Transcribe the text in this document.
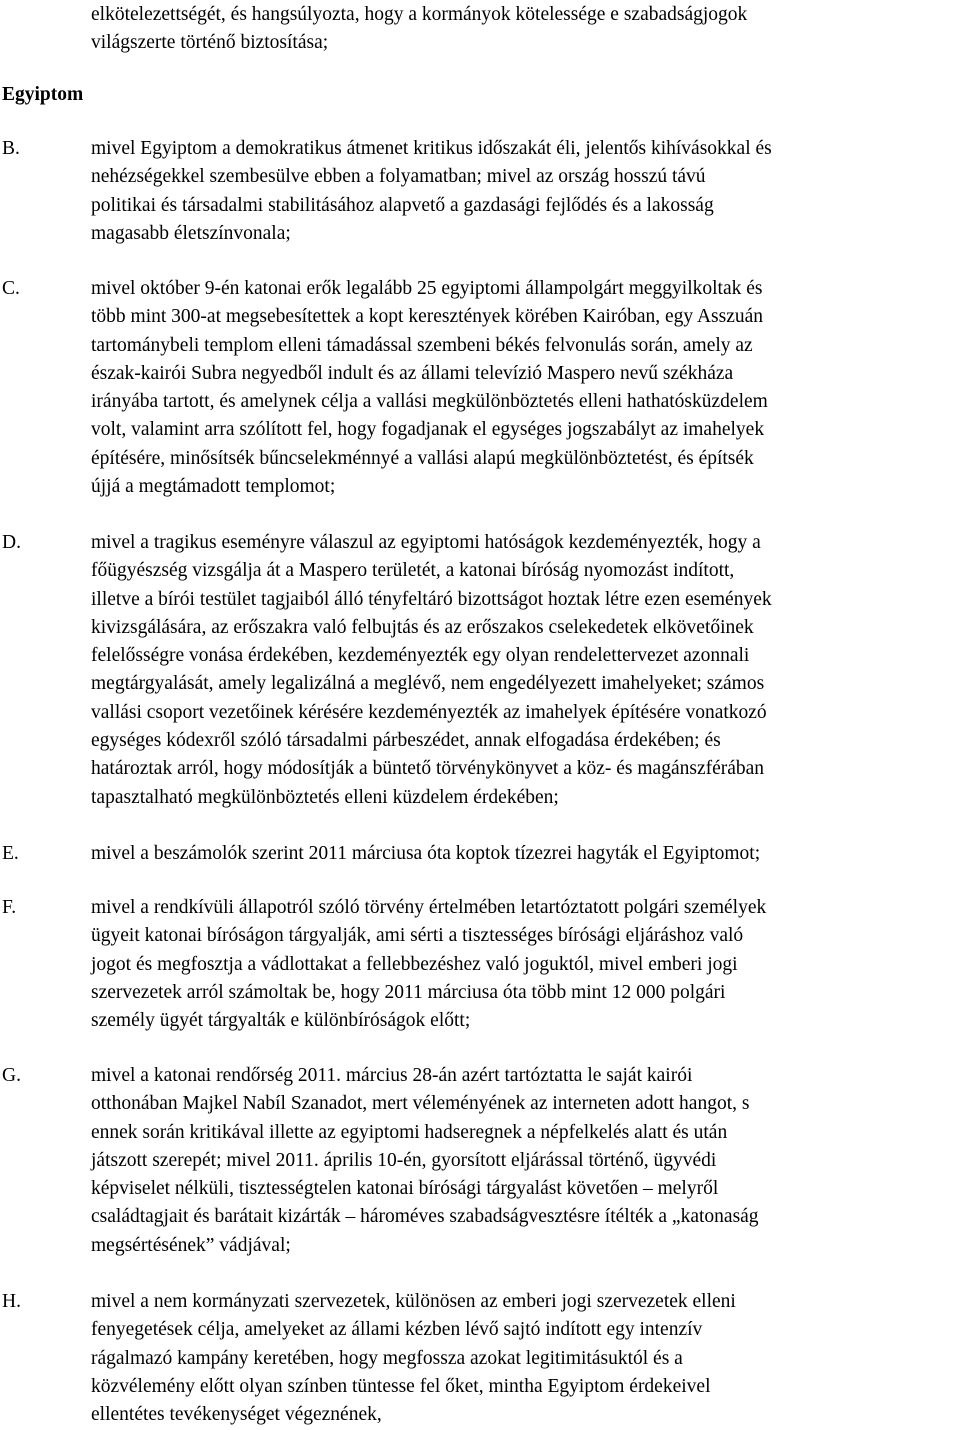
elkötelezettségét, és hangsúlyozta, hogy a kormányok kötelessége e szabadságjogok
világszerte történő biztosítása;
Egyiptom
B.	mivel Egyiptom a demokratikus átmenet kritikus időszakát éli, jelentős kihívásokkal és
nehézségekkel szembesülve ebben a folyamatban; mivel az ország hosszú távú
politikai és társadalmi stabilitásához alapvető a gazdasági fejlődés és a lakosság
magasabb életszínvonala;
C.	mivel október 9-én katonai erők legalább 25 egyiptomi állampolgárt meggyilkoltak és
több mint 300-at megsebesítettek a kopt keresztények körében Kairóban, egy Asszuán
tartománybeli templom elleni támadással szembeni békés felvonulás során, amely az
észak-kairói Subra negyedből indult és az állami televízió Maspero nevű székháza
irányába tartott, és amelynek célja a vallási megkülönböztetés elleni hathatósküzdelem
volt, valamint arra szólított fel, hogy fogadjanak el egységes jogszabályt az imahelyek
építésére, minősítsék bűncselekménnyé a vallási alapú megkülönböztetést, és építsék
újjá a megtámadott templomot;
D.	mivel a tragikus eseményre válaszul az egyiptomi hatóságok kezdeményezték, hogy a
főügyészség vizsgálja át a Maspero területét, a katonai bíróság nyomozást indított,
illetve a bírói testület tagjaiból álló tényfeltáró bizottságot hoztak létre ezen események
kivizsgálására, az erőszakra való felbujtás és az erőszakos cselekedetek elkövetőinek
felelősségre vonása érdekében, kezdeményezték egy olyan rendelettervezet azonnali
megtárgyalását, amely legalizálná a meglévő, nem engedélyezett imahelyeket; számos
vallási csoport vezetőinek kérésére kezdeményezték az imahelyek építésére vonatkozó
egységes kódexről szóló társadalmi párbeszédet, annak elfogadása érdekében; és
határoztak arról, hogy módosítják a büntető törvénykönyvet a köz- és magánszférában
tapasztalható megkülönböztetés elleni küzdelem érdekében;
E.	mivel a beszámolók szerint 2011 márciusa óta koptok tízezrei hagyták el Egyiptomot;
F.	mivel a rendkívüli állapotról szóló törvény értelmében letartóztatott polgári személyek
ügyeit katonai bíróságon tárgyalják, ami sérti a tisztességes bírósági eljáráshoz való
jogot és megfosztja a vádlottakat a fellebbezéshez való joguktól, mivel emberi jogi
szervezetek arról számoltak be, hogy 2011 márciusa óta több mint 12 000 polgári
személy ügyét tárgyalták e különbíróságok előtt;
G.	mivel a katonai rendőrség 2011. március 28-án azért tartóztatta le saját kairói
otthonában Majkel Nabíl Szanadot, mert véleményének az interneten adott hangot, s
ennek során kritikával illette az egyiptomi hadseregnek a népfelkelés alatt és után
játszott szerepét; mivel 2011. április 10-én, gyorsított eljárással történő, ügyvédi
képviselet nélküli, tisztességtelen katonai bírósági tárgyalást követően – melyről
családtagjait és barátait kizárták – hároméves szabadságvesztésre ítélték a „katonaság
megsértésének” vádjával;
H.	mivel a nem kormányzati szervezetek, különösen az emberi jogi szervezetek elleni
fenyegetések célja, amelyeket az állami kézben lévő sajtó indított egy intenzív
rágalmazó kampány keretében, hogy megfossza azokat legitimitásuktól és a
közvélemény előtt olyan színben tüntesse fel őket, mintha Egyiptom érdekeivel
ellentétes tevékenységet végeznének,
